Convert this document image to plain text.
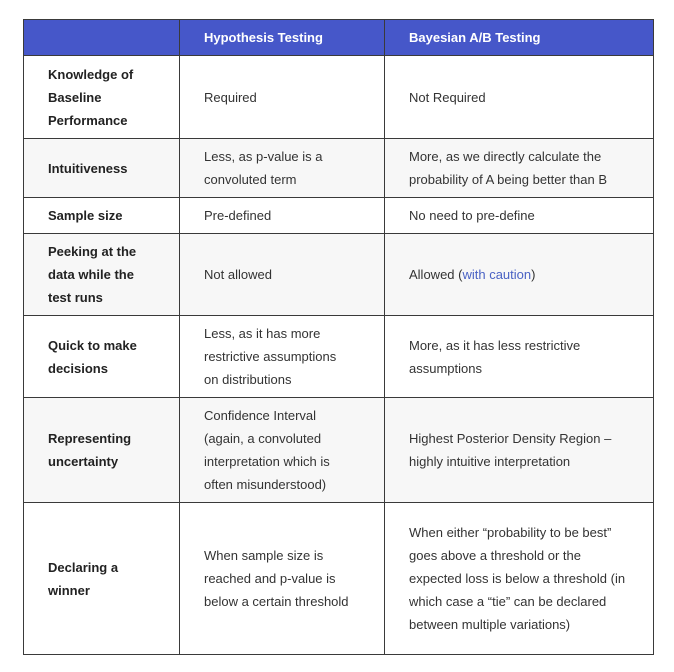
	Hypothesis Testing	Bayesian A/B Testing

Knowledge of Baseline Performance	Required	Not Required
Intuitiveness	Less, as p-value is a convoluted term	More, as we directly calculate the probability of A being better than B

Sample size	Pre-defined	No need to pre-define

Peeking at the data while the test runs	Not allowed	Allowed (with caution)

Quick to make decisions	Less, as it has more restrictive assumptions on distributions	More, as it has less restrictive assumptions

Representing uncertainty	Confidence Interval (again, a convoluted interpretation which is often misunderstood)	Highest Posterior Density Region – highly intuitive interpretation

Declaring a winner	When sample size is reached and p-value is below a certain threshold	When either “probability to be best” goes above a threshold or the expected loss is below a threshold (in which case a “tie” can be declared between multiple variations)
